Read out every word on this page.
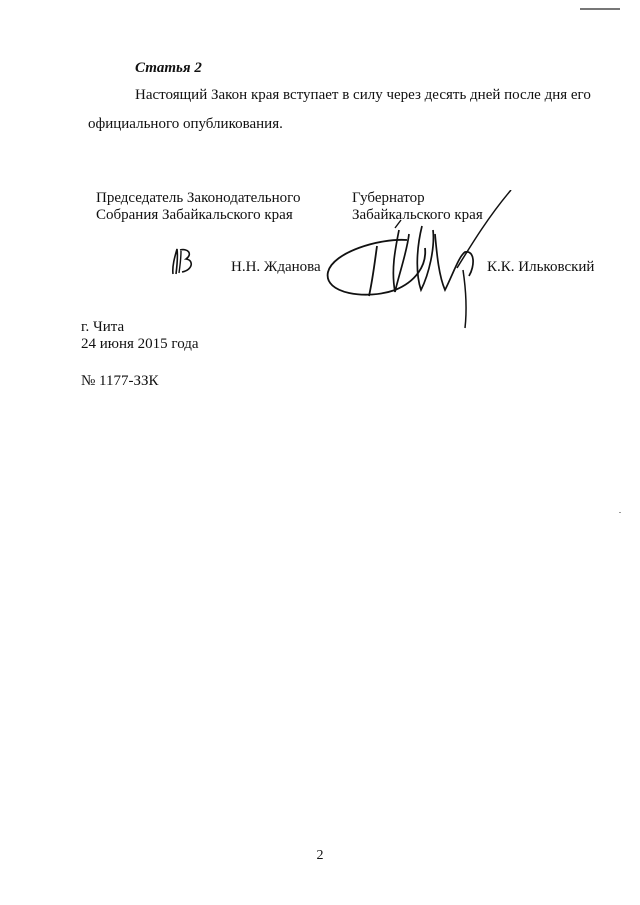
Статья 2
Настоящий Закон края вступает в силу через десять дней после дня его
официального опубликования.
Председатель Законодательного
Собрания Забайкальского края
Губернатор
Забайкальского края
Н.Н. Жданова	К.К. Ильковский
г. Чита
24 июня 2015 года
№ 1177-ЗЗК
2
